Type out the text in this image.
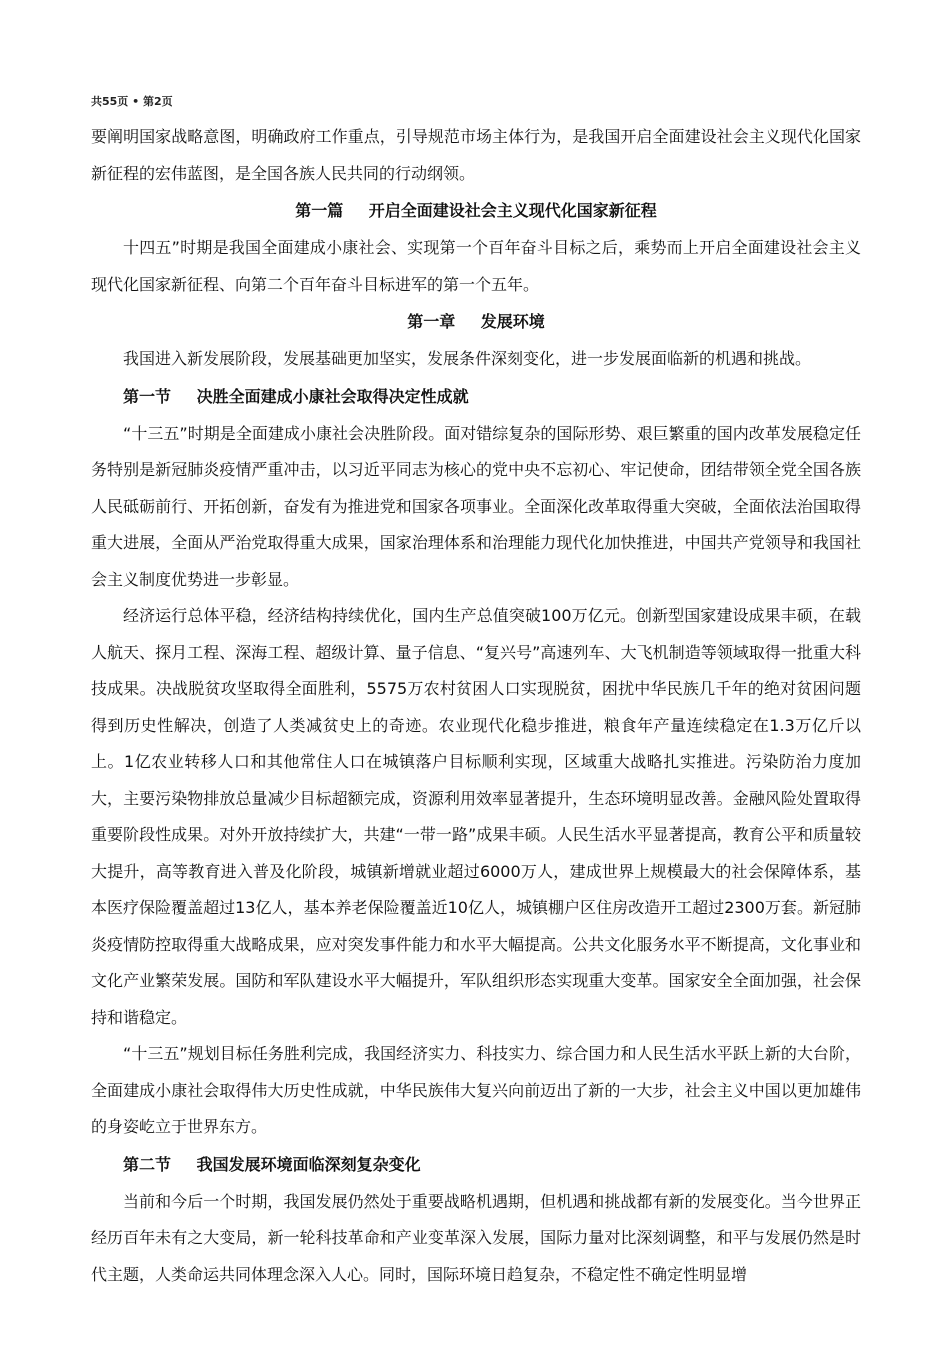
共55页 • 第2页

要阐明国家战略意图，明确政府工作重点，引导规范市场主体行为，是我国开启全面建设社会主义现代化国家新征程的宏伟蓝图，是全国各族人民共同的行动纲领。

第一篇 开启全面建设社会主义现代化国家新征程

十四五”时期是我国全面建成小康社会、实现第一个百年奋斗目标之后，乘势而上开启全面建设社会主义现代化国家新征程、向第二个百年奋斗目标进军的第一个五年。

第一章 发展环境

我国进入新发展阶段，发展基础更加坚实，发展条件深刻变化，进一步发展面临新的机遇和挑战。

第一节 决胜全面建成小康社会取得决定性成就

“十三五”时期是全面建成小康社会决胜阶段。面对错综复杂的国际形势、艰巨繁重的国内改革发展稳定任务特别是新冠肺炎疫情严重冲击，以习近平同志为核心的党中央不忘初心、牢记使命，团结带领全党全国各族人民砥砺前行、开拓创新，奋发有为推进党和国家各项事业。全面深化改革取得重大突破，全面依法治国取得重大进展，全面从严治党取得重大成果，国家治理体系和治理能力现代化加快推进，中国共产党领导和我国社会主义制度优势进一步彰显。

经济运行总体平稳，经济结构持续优化，国内生产总值突破100万亿元。创新型国家建设成果丰硕，在载人航天、探月工程、深海工程、超级计算、量子信息、“复兴号”高速列车、大飞机制造等领域取得一批重大科技成果。决战脱贫攻坚取得全面胜利，5575万农村贫困人口实现脱贫，困扰中华民族几千年的绝对贫困问题得到历史性解决，创造了人类减贫史上的奇迹。农业现代化稳步推进，粮食年产量连续稳定在1.3万亿斤以上。1亿农业转移人口和其他常住人口在城镇落户目标顺利实现，区域重大战略扎实推进。污染防治力度加大，主要污染物排放总量减少目标超额完成，资源利用效率显著提升，生态环境明显改善。金融风险处置取得重要阶段性成果。对外开放持续扩大，共建“一带一路”成果丰硕。人民生活水平显著提高，教育公平和质量较大提升，高等教育进入普及化阶段，城镇新增就业超过6000万人，建成世界上规模最大的社会保障体系，基本医疗保险覆盖超过13亿人，基本养老保险覆盖近10亿人，城镇棚户区住房改造开工超过2300万套。新冠肺炎疫情防控取得重大战略成果，应对突发事件能力和水平大幅提高。公共文化服务水平不断提高，文化事业和文化产业繁荣发展。国防和军队建设水平大幅提升，军队组织形态实现重大变革。国家安全全面加强，社会保持和谐稳定。

“十三五”规划目标任务胜利完成，我国经济实力、科技实力、综合国力和人民生活水平跃上新的大台阶，全面建成小康社会取得伟大历史性成就，中华民族伟大复兴向前迈出了新的一大步，社会主义中国以更加雄伟的身姿屹立于世界东方。

第二节 我国发展环境面临深刻复杂变化

当前和今后一个时期，我国发展仍然处于重要战略机遇期，但机遇和挑战都有新的发展变化。当今世界正经历百年未有之大变局，新一轮科技革命和产业变革深入发展，国际力量对比深刻调整，和平与发展仍然是时代主题，人类命运共同体理念深入人心。同时，国际环境日趋复杂，不稳定性不确定性明显增
